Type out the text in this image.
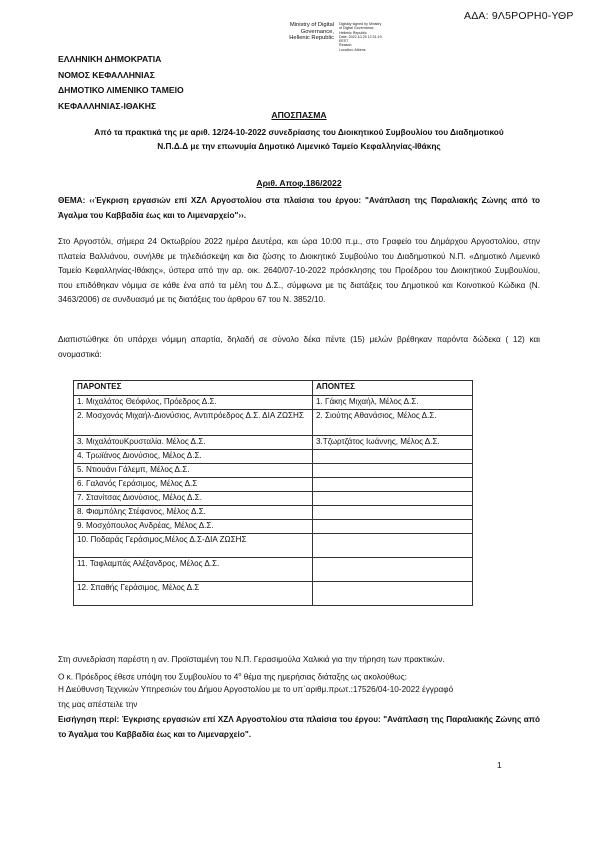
ΑΔΑ: 9Λ5ΡΟΡΗ0-ΥΘΡ
Ministry of Digital
Governance,
Hellenic Republic
Digitally signed by Ministry
of Digital Governance,
Hellenic Republic
Date: 2022.10.25 12:31:19
EEST
Reason:
Location: Athens
ΕΛΛΗΝΙΚΗ ΔΗΜΟΚΡΑΤΙΑ
ΝΟΜΟΣ ΚΕΦΑΛΛΗΝΙΑΣ
ΔΗΜΟΤΙΚΟ ΛΙΜΕΝΙΚΟ ΤΑΜΕΙΟ
ΚΕΦΑΛΛΗΝΙΑΣ-ΙΘΑΚΗΣ
ΑΠΟΣΠΑΣΜΑ
Από τα πρακτικά της με αριθ. 12/24-10-2022 συνεδρίασης του Διοικητικού Συμβουλίου του Διαδημοτικού
Ν.Π.Δ.Δ με την επωνυμία Δημοτικό Λιμενικό Ταμείο Κεφαλληνίας-Ιθάκης
Αριθ. Αποφ.186/2022
ΘΕΜΑ: ‹‹Έγκριση εργασιών επί ΧΖΛ Αργοστολίου στα πλαίσια του έργου: "Ανάπλαση της Παραλιακής Ζώνης από το Άγαλμα του Καββαδία έως και το Λιμεναρχείο"››.
Στο Αργοστόλι, σήμερα 24 Οκτωβρίου 2022 ημέρα Δευτέρα, και ώρα 10:00 π.μ., στο Γραφείο του Δημάρχου Αργοστολίου, στην πλατεία Βαλλιάνου, συνήλθε με τηλεδιάσκεψη και δια ζώσης το Διοικητικό Συμβούλιο του Διαδημοτικού Ν.Π. «Δημοτικό Λιμενικό Ταμείο Κεφαλληνίας-Ιθάκης», ύστερα από την αρ. οικ. 2640/07-10-2022 πρόσκλησης του Προέδρου του Διοικητικού Συμβουλίου, που επιδόθηκαν νόμιμα σε κάθε ένα από τα μέλη του Δ.Σ., σύμφωνα με τις διατάξεις του Δημοτικού και Κοινοτικού Κώδικα (Ν. 3463/2006) σε συνδυασμό με τις διατάξεις του άρθρου 67 του Ν. 3852/10.
Διαπιστώθηκε ότι υπάρχει νόμιμη απαρτία, δηλαδή σε σύνολο δέκα πέντε (15) μελών βρέθηκαν παρόντα δώδεκα ( 12) και ονομαστικά:
ΠΑΡΟΝΤΕΣ	ΑΠΟΝΤΕΣ
1. Μιχαλάτος Θεόφιλος, Πρόεδρος Δ.Σ.	1. Γάκης Μιχαήλ, Μέλος Δ.Σ.
2. Μοσχονάς Μιχαήλ-Διονύσιος, Αντιπρόεδρος Δ.Σ. ΔΙΑ ΖΩΣΗΣ	2. Σιούτης Αθανάσιος, Μέλος Δ.Σ.
3. ΜιχαλάτουΚρυσταλία. Μέλος Δ.Σ.	3.Τζωρτζάτος Ιωάννης, Μέλος Δ.Σ.
4. Τρωϊάνος Διονύσιος, Μέλος Δ.Σ.	
5. Ντιουάνι Γάλεμπ, Μέλος Δ.Σ.	
6. Γαλανός Γεράσιμος, Μέλος Δ.Σ	
7. Στανίτσας Διονύσιος, Μέλος Δ.Σ.	
8. Φιαμπόλης Στέφανος, Μέλος Δ.Σ.	
9. Μοσχόπουλος Ανδρέας, Μέλος Δ.Σ.	
10. Ποδαράς Γεράσιμος,Μέλος Δ.Σ-ΔΙΑ ΖΩΣΗΣ	
11. Ταφλαμπάς Αλέξανδρος, Μέλος Δ.Σ.	
12. Σπαθής Γεράσιμος, Μέλος Δ.Σ	
Στη συνεδρίαση παρέστη η αν. Προϊσταμένη του Ν.Π. Γερασιμούλα Χαλικιά για την τήρηση των πρακτικών.
Ο κ. Πρόεδρος έθεσε υπόψη του Συμβουλίου το $4^o$ θέμα της ημερήσιας διάταξης ως ακολούθως:
Η Διεύθυνση Τεχνικών Υπηρεσιών του Δήμου Αργοστολίου με το υπ΄αριθμ.πρωτ.:17526/04-10-2022 έγγραφό
της μας απέστειλε την
Εισήγηση περί: Έγκρισης εργασιών επί ΧΖΛ Αργοστολίου στα πλαίσια του έργου: "Ανάπλαση της Παραλιακής Ζώνης από το Άγαλμα του Καββαδία έως και το Λιμεναρχείο".
1
